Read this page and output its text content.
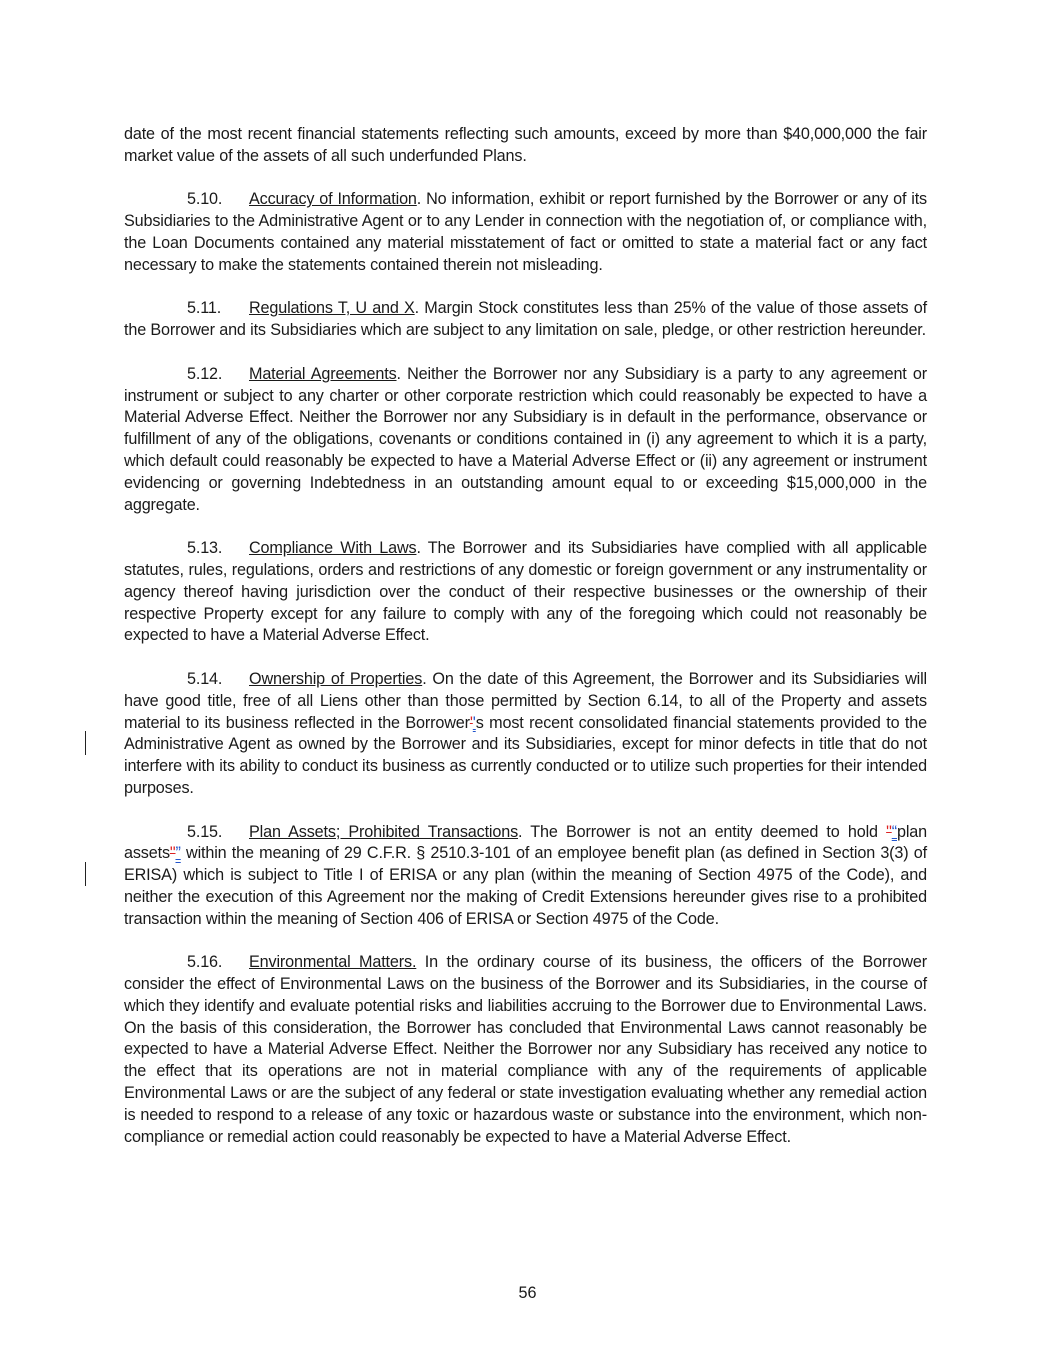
date of the most recent financial statements reflecting such amounts, exceed by more than $40,000,000 the fair market value of the assets of all such underfunded Plans.

5.10. Accuracy of Information. No information, exhibit or report furnished by the Borrower or any of its Subsidiaries to the Administrative Agent or to any Lender in connection with the negotiation of, or compliance with, the Loan Documents contained any material misstatement of fact or omitted to state a material fact or any fact necessary to make the statements contained therein not misleading.

5.11. Regulations T, U and X. Margin Stock constitutes less than 25% of the value of those assets of the Borrower and its Subsidiaries which are subject to any limitation on sale, pledge, or other restriction hereunder.

5.12. Material Agreements. Neither the Borrower nor any Subsidiary is a party to any agreement or instrument or subject to any charter or other corporate restriction which could reasonably be expected to have a Material Adverse Effect. Neither the Borrower nor any Subsidiary is in default in the performance, observance or fulfillment of any of the obligations, covenants or conditions contained in (i) any agreement to which it is a party, which default could reasonably be expected to have a Material Adverse Effect or (ii) any agreement or instrument evidencing or governing Indebtedness in an outstanding amount equal to or exceeding $15,000,000 in the aggregate.

5.13. Compliance With Laws. The Borrower and its Subsidiaries have complied with all applicable statutes, rules, regulations, orders and restrictions of any domestic or foreign government or any instrumentality or agency thereof having jurisdiction over the conduct of their respective businesses or the ownership of their respective Property except for any failure to comply with any of the foregoing which could not reasonably be expected to have a Material Adverse Effect.

5.14. Ownership of Properties. On the date of this Agreement, the Borrower and its Subsidiaries will have good title, free of all Liens other than those permitted by Section 6.14, to all of the Property and assets material to its business reflected in the Borrower''s most recent consolidated financial statements provided to the Administrative Agent as owned by the Borrower and its Subsidiaries, except for minor defects in title that do not interfere with its ability to conduct its business as currently conducted or to utilize such properties for their intended purposes.

5.15. Plan Assets; Prohibited Transactions. The Borrower is not an entity deemed to hold "“plan assets"” within the meaning of 29 C.F.R. § 2510.3-101 of an employee benefit plan (as defined in Section 3(3) of ERISA) which is subject to Title I of ERISA or any plan (within the meaning of Section 4975 of the Code), and neither the execution of this Agreement nor the making of Credit Extensions hereunder gives rise to a prohibited transaction within the meaning of Section 406 of ERISA or Section 4975 of the Code.

5.16. Environmental Matters. In the ordinary course of its business, the officers of the Borrower consider the effect of Environmental Laws on the business of the Borrower and its Subsidiaries, in the course of which they identify and evaluate potential risks and liabilities accruing to the Borrower due to Environmental Laws. On the basis of this consideration, the Borrower has concluded that Environmental Laws cannot reasonably be expected to have a Material Adverse Effect. Neither the Borrower nor any Subsidiary has received any notice to the effect that its operations are not in material compliance with any of the requirements of applicable Environmental Laws or are the subject of any federal or state investigation evaluating whether any remedial action is needed to respond to a release of any toxic or hazardous waste or substance into the environment, which non-compliance or remedial action could reasonably be expected to have a Material Adverse Effect.

56
